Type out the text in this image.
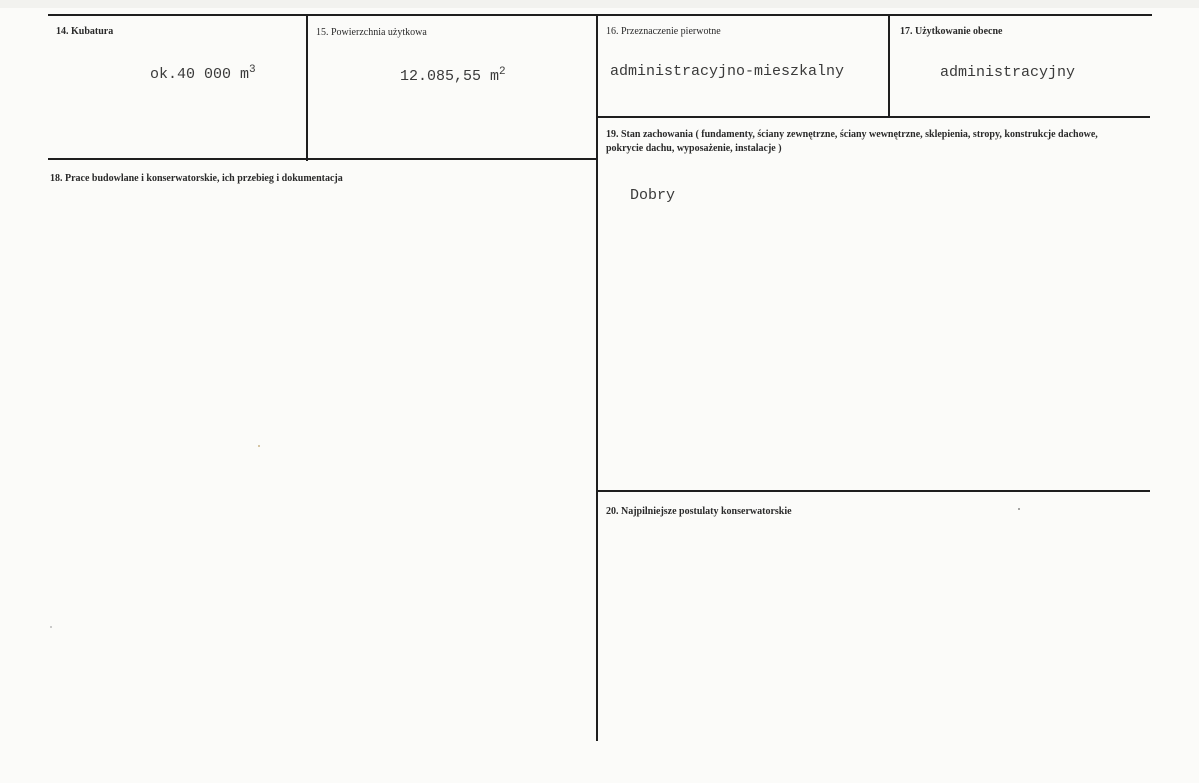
14. Kubatura
ok.40 000 $m^3$
15. Powierzchnia użytkowa
12.085,55 $m^2$
16. Przeznaczenie pierwotne
administracyjno-mieszkalny
17. Użytkowanie obecne
administracyjny
18. Prace budowlane i konserwatorskie, ich przebieg i dokumentacja
19. Stan zachowania ( fundamenty, ściany zewnętrzne, ściany wewnętrzne, sklepienia, stropy, konstrukcje dachowe, pokrycie dachu, wyposażenie, instalacje )
Dobry
20. Najpilniejsze postulaty konserwatorskie
